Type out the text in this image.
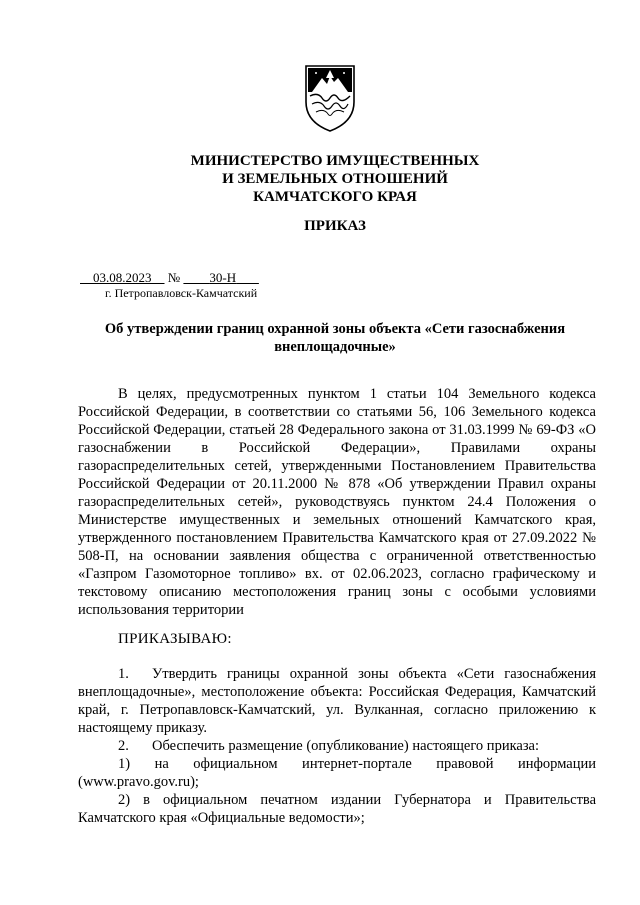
МИНИСТЕРСТВО ИМУЩЕСТВЕННЫХ
И ЗЕМЕЛЬНЫХ ОТНОШЕНИЙ
КАМЧАТСКОГО КРАЯ
ПРИКАЗ
03.08.2023 № 30-Н
г. Петропавловск-Камчатский
Об утверждении границ охранной зоны объекта «Сети газоснабжения внеплощадочные»
В целях, предусмотренных пунктом 1 статьи 104 Земельного кодекса Российской Федерации, в соответствии со статьями 56, 106 Земельного кодекса Российской Федерации, статьей 28 Федерального закона от 31.03.1999 № 69-ФЗ «О газоснабжении в Российской Федерации», Правилами охраны газораспределительных сетей, утвержденными Постановлением Правительства Российской Федерации от 20.11.2000 № 878 «Об утверждении Правил охраны газораспределительных сетей», руководствуясь пунктом 24.4 Положения о Министерстве имущественных и земельных отношений Камчатского края, утвержденного постановлением Правительства Камчатского края от 27.09.2022 № 508-П, на основании заявления общества с ограниченной ответственностью «Газпром Газомоторное топливо» вх. от 02.06.2023, согласно графическому и текстовому описанию местоположения границ зоны с особыми условиями использования территории
ПРИКАЗЫВАЮ:
1. Утвердить границы охранной зоны объекта «Сети газоснабжения внеплощадочные», местоположение объекта: Российская Федерация, Камчатский край, г. Петропавловск-Камчатский, ул. Вулканная, согласно приложению к настоящему приказу.
2. Обеспечить размещение (опубликование) настоящего приказа:
1) на официальном интернет-портале правовой информации (www.pravo.gov.ru);
2) в официальном печатном издании Губернатора и Правительства Камчатского края «Официальные ведомости»;
